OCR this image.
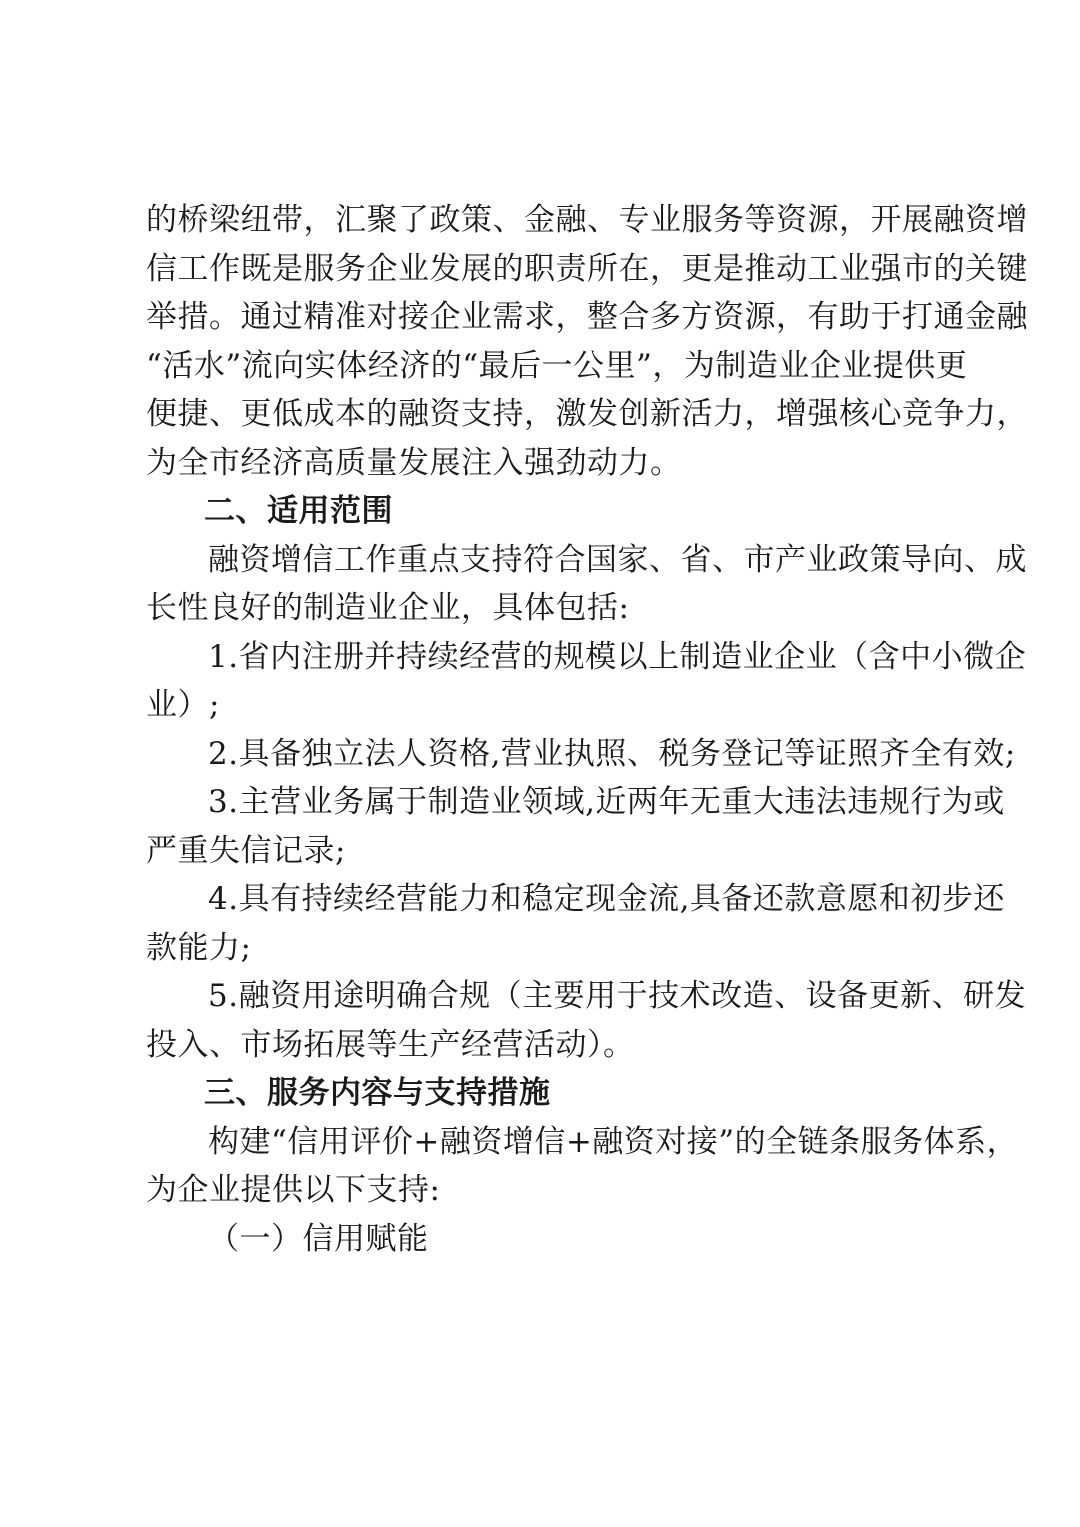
的桥梁纽带，汇聚了政策、金融、专业服务等资源，开展融资增
信工作既是服务企业发展的职责所在，更是推动工业强市的关键
举措。通过精准对接企业需求，整合多方资源，有助于打通金融
“活水”流向实体经济的“最后一公里”，为制造业企业提供更
便捷、更低成本的融资支持，激发创新活力，增强核心竞争力，
为全市经济高质量发展注入强劲动力。
二、适用范围
融资增信工作重点支持符合国家、省、市产业政策导向、成
长性良好的制造业企业，具体包括:
1.省内注册并持续经营的规模以上制造业企业（含中小微企
业）;
2.具备独立法人资格,营业执照、税务登记等证照齐全有效;
3.主营业务属于制造业领域,近两年无重大违法违规行为或
严重失信记录;
4.具有持续经营能力和稳定现金流,具备还款意愿和初步还
款能力;
5.融资用途明确合规（主要用于技术改造、设备更新、研发
投入、市场拓展等生产经营活动）。
三、服务内容与支持措施
构建“信用评价+融资增信+融资对接”的全链条服务体系，
为企业提供以下支持:
（一）信用赋能
